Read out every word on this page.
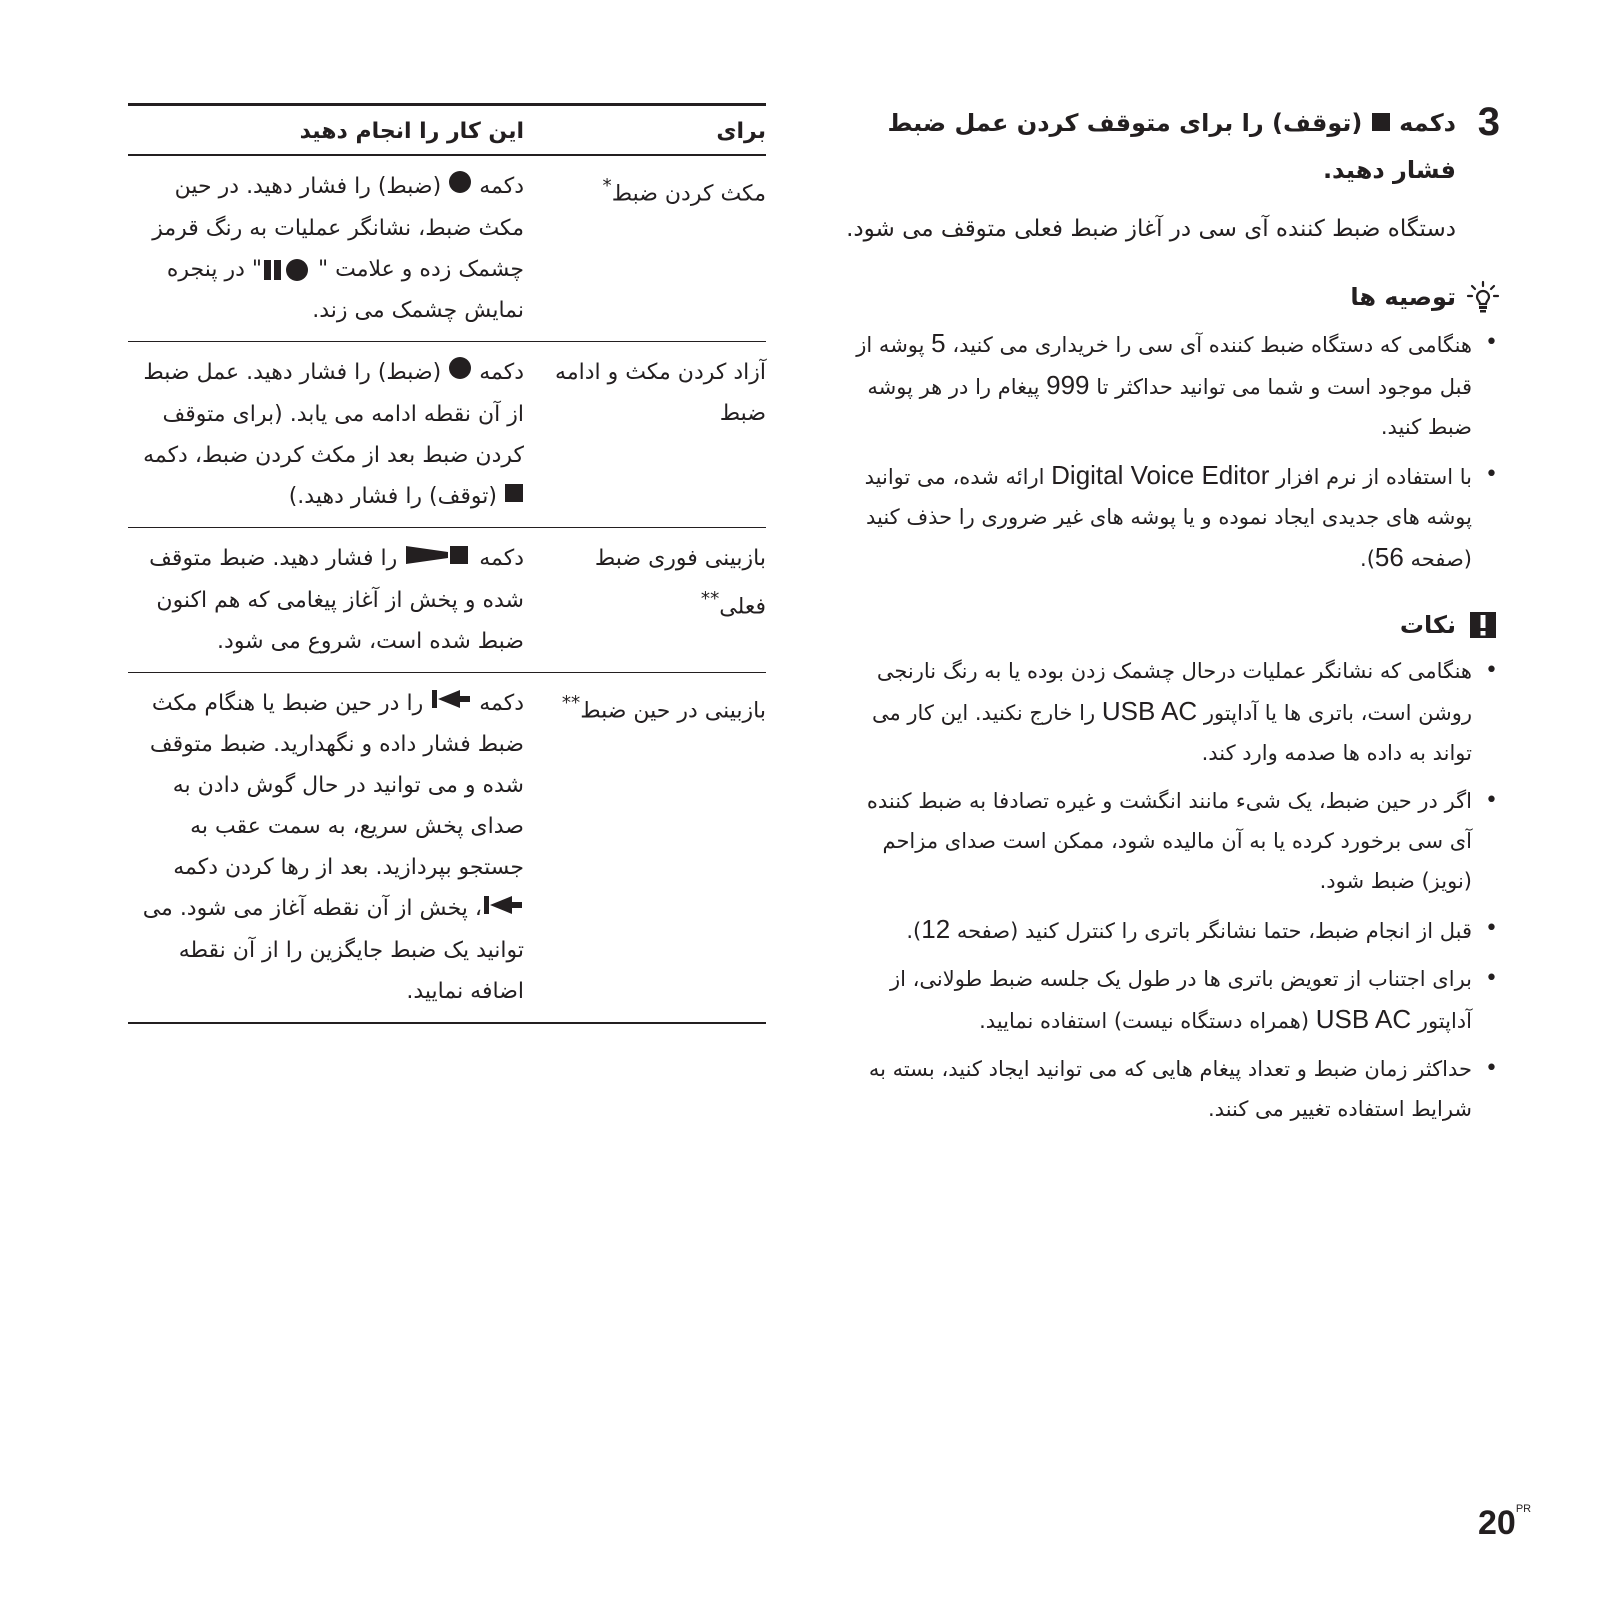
3

دکمه  (توقف) را برای متوقف کردن عمل ضبط فشار دهید.

دستگاه ضبط کننده آی سی در آغاز ضبط فعلی متوقف می شود.

توصیه ها
• هنگامی که دستگاه ضبط کننده آی سی را خریداری می کنید، 5 پوشه از قبل موجود است و شما می توانید حداکثر تا 999 پیغام را در هر پوشه ضبط کنید.
• با استفاده از نرم افزار Digital Voice Editor ارائه شده، می توانید پوشه های جدیدی ایجاد نموده و یا پوشه های غیر ضروری را حذف کنید (صفحه 56).
نکات
• هنگامی که نشانگر عملیات درحال چشمک زدن بوده یا به رنگ نارنجی روشن است، باتری ها یا آداپتور USB AC را خارج نکنید. این کار می تواند به داده ها صدمه وارد کند.
• اگر در حین ضبط، یک شیء مانند انگشت و غیره تصادفا به ضبط کننده آی سی برخورد کرده یا به آن مالیده شود، ممکن است صدای مزاحم (نویز) ضبط شود.
• قبل از انجام ضبط، حتما نشانگر باتری را کنترل کنید (صفحه 12).
• برای اجتناب از تعویض باتری ها در طول یک جلسه ضبط طولانی، از آداپتور USB AC (همراه دستگاه نیست) استفاده نمایید.
• حداکثر زمان ضبط و تعداد پیغام هایی که می توانید ایجاد کنید، بسته به شرایط استفاده تغییر می کنند.
برای	این کار را انجام دهید
مکث کردن ضبط*	دکمه  (ضبط) را فشار دهید. در حین مکث ضبط، نشانگر عملیات به رنگ قرمز چشمک زده و علامت "" در پنجره نمایش چشمک می زند.
آزاد کردن مکث و ادامه ضبط	دکمه  (ضبط) را فشار دهید. عمل ضبط از آن نقطه ادامه می یابد. (برای متوقف کردن ضبط بعد از مکث کردن ضبط، دکمه  (توقف) را فشار دهید.)
بازبینی فوری ضبط فعلی**	دکمه  را فشار دهید. ضبط متوقف شده و پخش از آغاز پیغامی که هم اکنون ضبط شده است، شروع می شود.
بازبینی در حین ضبط**	دکمه  را در حین ضبط یا هنگام مکث ضبط فشار داده و نگهدارید. ضبط متوقف شده و می توانید در حال گوش دادن به صدای پخش سریع، به سمت عقب به جستجو بپردازید. بعد از رها کردن دکمه ، پخش از آن نقطه آغاز می شود. می توانید یک ضبط جایگزین را از آن نقطه اضافه نمایید.
$20^{PR}$
